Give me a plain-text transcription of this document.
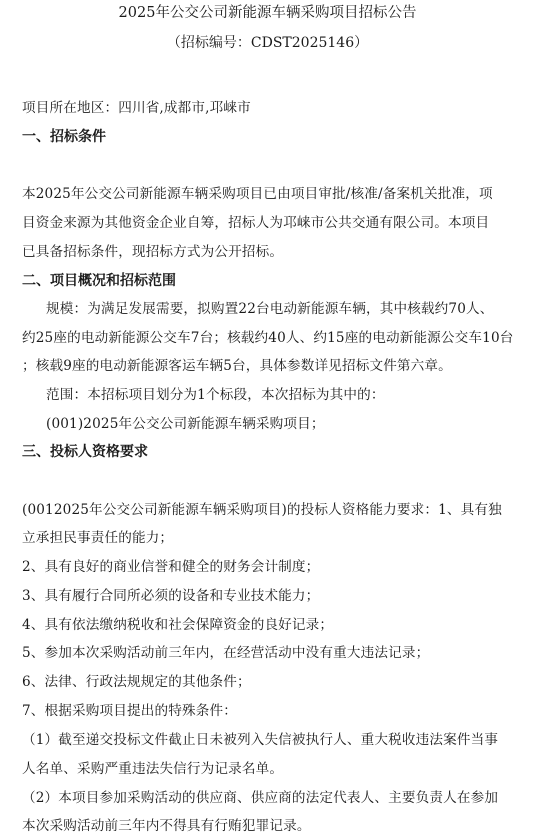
2025年公交公司新能源车辆采购项目招标公告
（招标编号：CDST2025146）
项目所在地区：四川省,成都市,邛崃市
一、招标条件
本2025年公交公司新能源车辆采购项目已由项目审批/核准/备案机关批准，项
目资金来源为其他资金企业自筹，招标人为邛崃市公共交通有限公司。本项目
已具备招标条件，现招标方式为公开招标。
二、项目概况和招标范围
规模：为满足发展需要，拟购置22台电动新能源车辆，其中核载约70人、
约25座的电动新能源公交车7台；核载约40人、约15座的电动新能源公交车10台
；核载9座的电动新能源客运车辆5台，具体参数详见招标文件第六章。
范围：本招标项目划分为1个标段，本次招标为其中的：
(001)2025年公交公司新能源车辆采购项目；
三、投标人资格要求
(0012025年公交公司新能源车辆采购项目)的投标人资格能力要求：1、具有独
立承担民事责任的能力；
2、具有良好的商业信誉和健全的财务会计制度；
3、具有履行合同所必须的设备和专业技术能力；
4、具有依法缴纳税收和社会保障资金的良好记录；
5、参加本次采购活动前三年内，在经营活动中没有重大违法记录；
6、法律、行政法规规定的其他条件；
7、根据采购项目提出的特殊条件：
（1）截至递交投标文件截止日未被列入失信被执行人、重大税收违法案件当事
人名单、采购严重违法失信行为记录名单。
（2）本项目参加采购活动的供应商、供应商的法定代表人、主要负责人在参加
本次采购活动前三年内不得具有行贿犯罪记录。
